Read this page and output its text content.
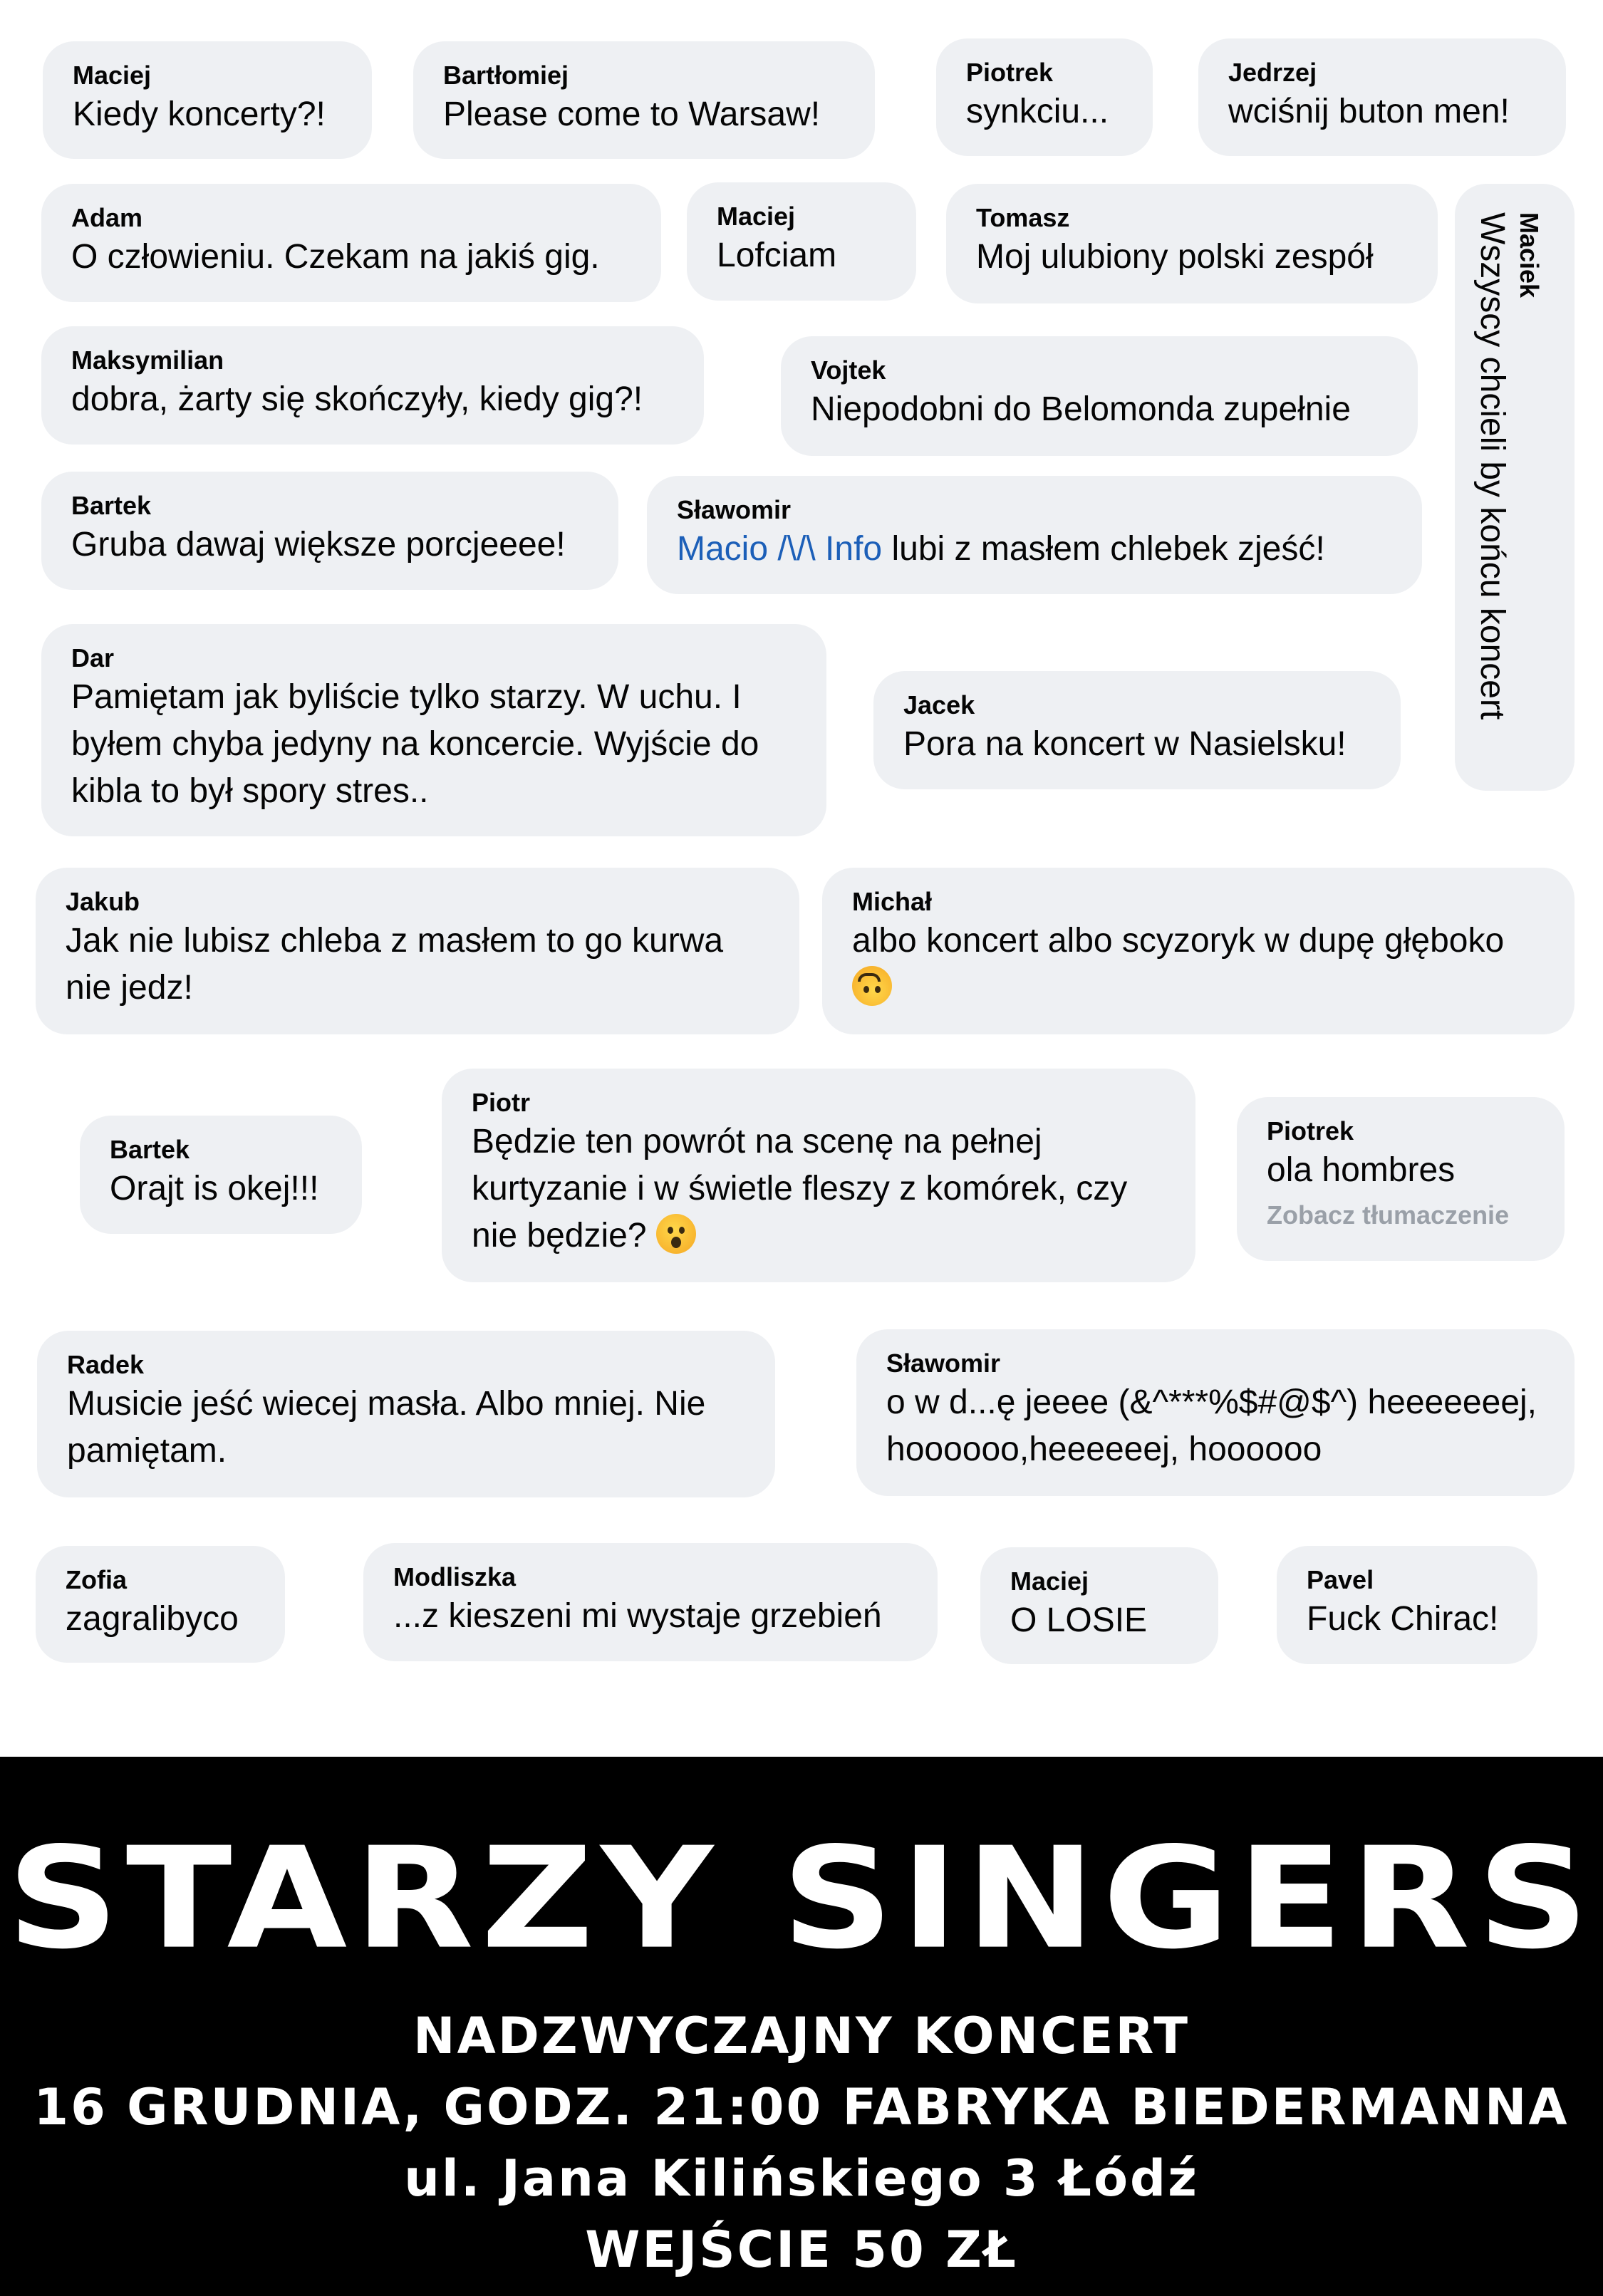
Maciej
Kiedy koncerty?!
Bartłomiej
Please come to Warsaw!
Piotrek
synkciu...
Jedrzej
wciśnij buton men!
Adam
O człowieniu. Czekam na jakiś gig.
Maciej
Lofciam
Tomasz
Moj ulubiony polski zespół	Maciek
Wszyscy chcieli by końcu koncert
Maksymilian
dobra, żarty się skończyły, kiedy gig?!
Vojtek
Niepodobni do Belomonda zupełnie
Bartek
Gruba dawaj większe porcjeeee!
Sławomir
Macio /\/\ Info lubi z masłem chlebek zjeść!
Dar
Pamiętam jak byliście tylko starzy. W uchu. I byłem chyba jedyny na koncercie. Wyjście do kibla to był spory stres..
Jacek
Pora na koncert w Nasielsku!
Jakub
Jak nie lubisz chleba z masłem to go kurwa nie jedz!
Michał
albo koncert albo scyzoryk w dupę głęboko

Bartek
Orajt is okej!!!
Piotr
Będzie ten powrót na scenę na pełnej kurtyzanie i w świetle fleszy z komórek, czy nie będzie?
Piotrek
ola hombres
Zobacz tłumaczenie
Radek
Musicie jeść wiecej masła. Albo mniej. Nie pamiętam.
Sławomir
o w d...ę jeeee (&^***%$#@$^) heeeeeeej, hoooooo,heeeeeej, hoooooo
Zofia
zagralibyco
Modliszka
...z kieszeni mi wystaje grzebień
Maciej
O LOSIE
Pavel
Fuck Chirac!
STARZY SINGERS
NADZWYCZAJNY KONCERT
16 GRUDNIA, GODZ. 21:00 FABRYKA BIEDERMANNA
ul. Jana Kilińskiego 3 Łódź
WEJŚCIE 50 ZŁ
